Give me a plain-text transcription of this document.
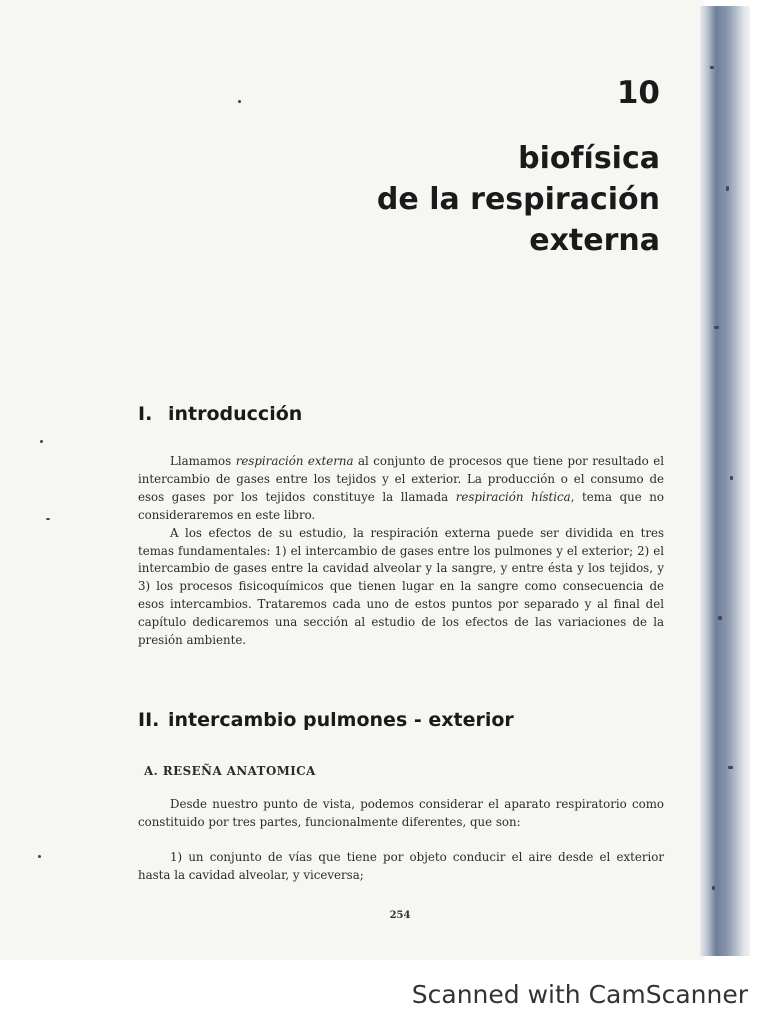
10
biofísica
de la respiración
externa
I. introducción

Llamamos respiración externa al conjunto de procesos que tiene por resultado el intercambio de gases entre los tejidos y el exterior. La producción o el consumo de esos gases por los tejidos constituye la llamada respiración hística, tema que no consideraremos en este libro.

A los efectos de su estudio, la respiración externa puede ser dividida en tres temas fundamentales: 1) el intercambio de gases entre los pulmones y el exterior; 2) el intercambio de gases entre la cavidad alveolar y la sangre, y entre ésta y los tejidos, y 3) los procesos fisicoquímicos que tienen lugar en la sangre como consecuencia de esos intercambios. Trataremos cada uno de estos puntos por separado y al final del capítulo dedicaremos una sección al estudio de los efectos de las variaciones de la presión ambiente.

II. intercambio pulmones - exterior
A. RESEÑA ANATOMICA

Desde nuestro punto de vista, podemos considerar el aparato respiratorio como constituido por tres partes, funcionalmente diferentes, que son:

1) un conjunto de vías que tiene por objeto conducir el aire desde el exterior hasta la cavidad alveolar, y viceversa;

254
Scanned with CamScanner
